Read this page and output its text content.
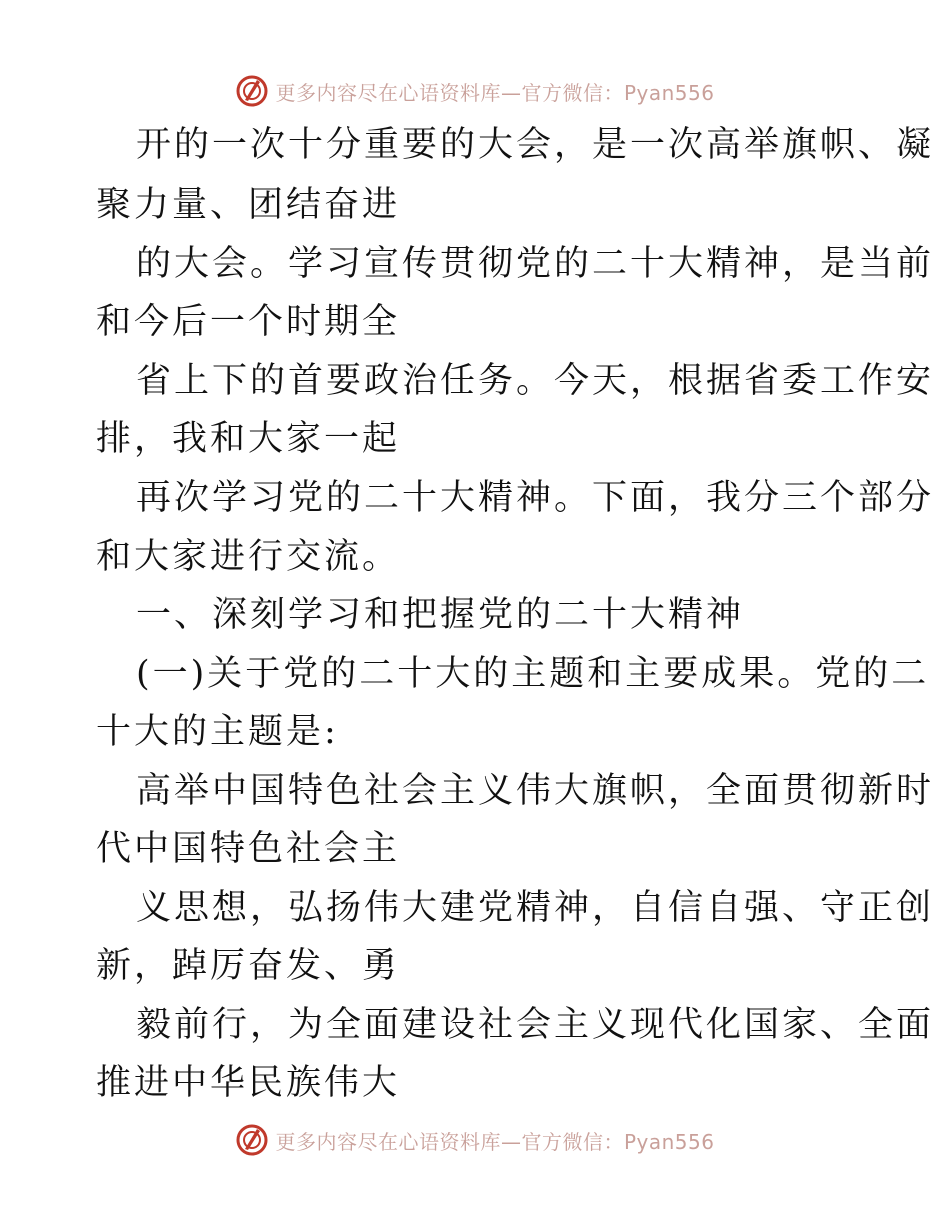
更多内容尽在心语资料库—官方微信：Pyan556
开的一次十分重要的大会，是一次高举旗帜、凝
聚力量、团结奋进
的大会。学习宣传贯彻党的二十大精神，是当前
和今后一个时期全
省上下的首要政治任务。今天，根据省委工作安
排，我和大家一起
再次学习党的二十大精神。下面，我分三个部分
和大家进行交流。
一、深刻学习和把握党的二十大精神
(一)关于党的二十大的主题和主要成果。党的二
十大的主题是:
高举中国特色社会主义伟大旗帜，全面贯彻新时
代中国特色社会主
义思想，弘扬伟大建党精神，自信自强、守正创
新，踔厉奋发、勇
毅前行，为全面建设社会主义现代化国家、全面
推进中华民族伟大
更多内容尽在心语资料库—官方微信：Pyan556
